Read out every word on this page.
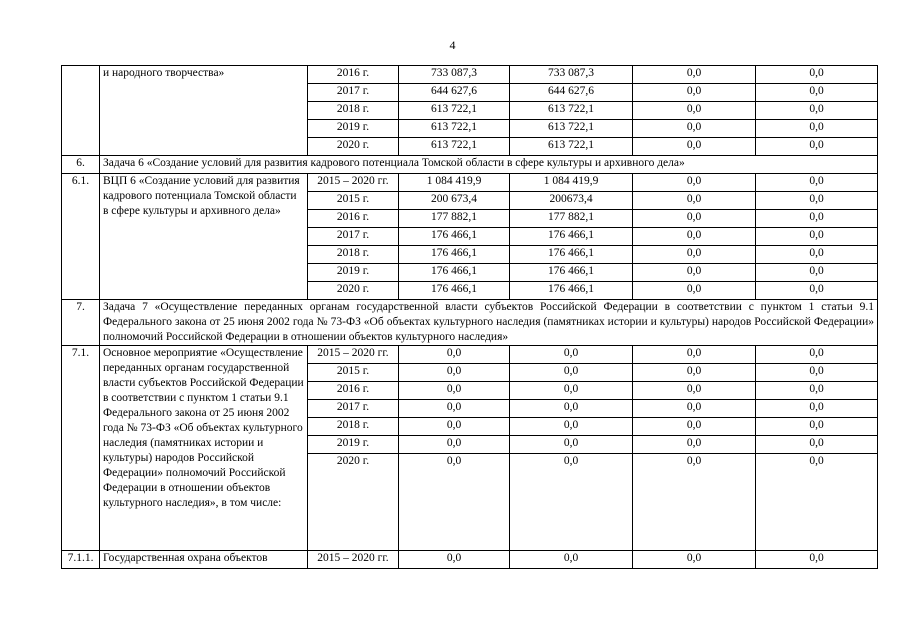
4
	и народного творчества»	2016 г.	733 087,3	733 087,3	0,0	0,0
		2017 г.	644 627,6	644 627,6	0,0	0,0
		2018 г.	613 722,1	613 722,1	0,0	0,0
		2019 г.	613 722,1	613 722,1	0,0	0,0
		2020 г.	613 722,1	613 722,1	0,0	0,0
6.	Задача 6 «Создание условий для развития кадрового потенциала Томской области в сфере культуры и архивного дела»					
6.1.	ВЦП 6 «Создание условий для развития кадрового потенциала Томской области в сфере культуры и архивного дела»	2015 – 2020 гг.	1 084 419,9	1 084 419,9	0,0	0,0
		2015 г.	200 673,4	200673,4	0,0	0,0
		2016 г.	177 882,1	177 882,1	0,0	0,0
		2017 г.	176 466,1	176 466,1	0,0	0,0
		2018 г.	176 466,1	176 466,1	0,0	0,0
		2019 г.	176 466,1	176 466,1	0,0	0,0
		2020 г.	176 466,1	176 466,1	0,0	0,0
7.	Задача 7 «Осуществление переданных органам государственной власти субъектов Российской Федерации в соответствии с пунктом 1 статьи 9.1 Федерального закона от 25 июня 2002 года № 73-ФЗ «Об объектах культурного наследия (памятниках истории и культуры) народов Российской Федерации» полномочий Российской Федерации в отношении объектов культурного наследия»					
7.1.	Основное мероприятие «Осуществление переданных органам государственной власти субъектов Российской Федерации в соответствии с пунктом 1 статьи 9.1 Федерального закона от 25 июня 2002 года № 73-ФЗ «Об объектах культурного наследия (памятниках истории и культуры) народов Российской Федерации» полномочий Российской Федерации в отношении объектов культурного наследия», в том числе:	2015 – 2020 гг.	0,0	0,0	0,0	0,0
		2015 г.	0,0	0,0	0,0	0,0
		2016 г.	0,0	0,0	0,0	0,0
		2017 г.	0,0	0,0	0,0	0,0
		2018 г.	0,0	0,0	0,0	0,0
		2019 г.	0,0	0,0	0,0	0,0
		2020 г.	0,0	0,0	0,0	0,0
7.1.1.	Государственная охрана объектов	2015 – 2020 гг.	0,0	0,0	0,0	0,0
